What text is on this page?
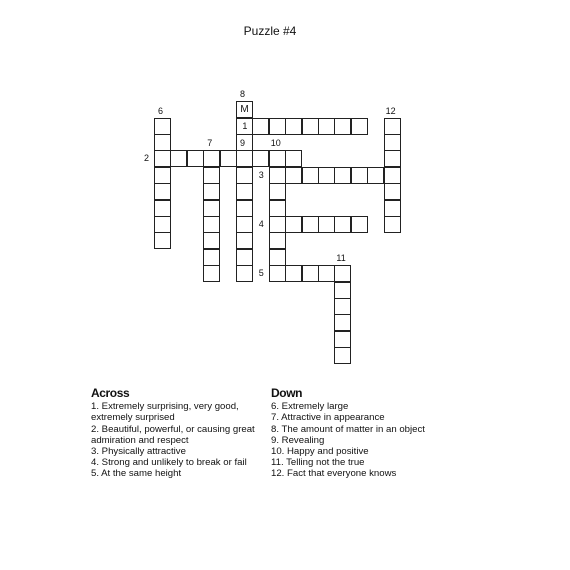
Puzzle #4
M
1
2
3
4
5
6
7
8
9	10
11
12
Across
1. Extremely surprising, very good,
extremely surprised
2. Beautiful, powerful, or causing great
admiration and respect
3. Physically attractive
4. Strong and unlikely to break or fail
5. At the same height
Down
6. Extremely large
7. Attractive in appearance
8. The amount of matter in an object
9. Revealing
10. Happy and positive
11. Telling not the true
12. Fact that everyone knows
